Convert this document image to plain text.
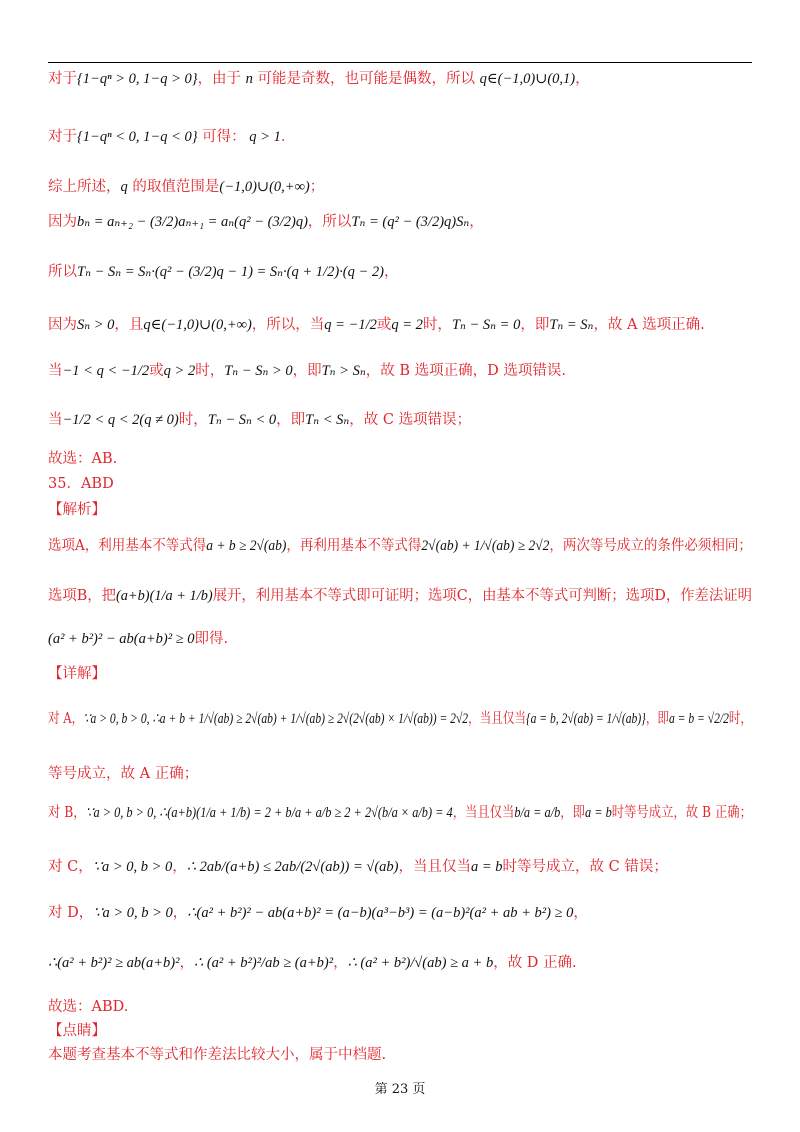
对于{1−qⁿ > 0, 1−q > 0}，由于 n 可能是奇数，也可能是偶数，所以 q∈(−1,0)∪(0,1)，
对于{1−qⁿ < 0, 1−q < 0} 可得： q > 1．
综上所述，q 的取值范围是(−1,0)∪(0,+∞)；
因为bₙ = aₙ₊₂ − (3/2)aₙ₊₁ = aₙ(q² − (3/2)q)，所以Tₙ = (q² − (3/2)q)Sₙ，
所以Tₙ − Sₙ = Sₙ·(q² − (3/2)q − 1) = Sₙ·(q + 1/2)·(q − 2)，
因为Sₙ > 0，且q∈(−1,0)∪(0,+∞)，所以，当q = −1/2或q = 2时，Tₙ − Sₙ = 0，即Tₙ = Sₙ，故 A 选项正确.
当−1 < q < −1/2或q > 2时，Tₙ − Sₙ > 0，即Tₙ > Sₙ，故 B 选项正确，D 选项错误.
当−1/2 < q < 2(q ≠ 0)时，Tₙ − Sₙ < 0，即Tₙ < Sₙ，故 C 选项错误；
故选：AB.
35．ABD
【解析】
选项A，利用基本不等式得a + b ≥ 2√(ab)，再利用基本不等式得2√(ab) + 1/√(ab) ≥ 2√2，两次等号成立的条件必须相同；
选项B，把(a+b)(1/a + 1/b)展开，利用基本不等式即可证明；选项C，由基本不等式可判断；选项D，作差法证明
(a² + b²)² − ab(a+b)² ≥ 0即得.
【详解】
对 A，∵a > 0, b > 0, ∴a + b + 1/√(ab) ≥ 2√(ab) + 1/√(ab) ≥ 2√(2√(ab) × 1/√(ab)) = 2√2，当且仅当{a = b, 2√(ab) = 1/√(ab)}，即a = b = √2/2时，
等号成立，故 A 正确；
对 B，∵a > 0, b > 0, ∴(a+b)(1/a + 1/b) = 2 + b/a + a/b ≥ 2 + 2√(b/a × a/b) = 4，当且仅当b/a = a/b，即a = b时等号成立，故 B 正确；
对 C，∵a > 0, b > 0，∴ 2ab/(a+b) ≤ 2ab/(2√(ab)) = √(ab)，当且仅当a = b时等号成立，故 C 错误；
对 D，∵a > 0, b > 0，∴(a² + b²)² − ab(a+b)² = (a−b)(a³−b³) = (a−b)²(a² + ab + b²) ≥ 0，
∴(a² + b²)² ≥ ab(a+b)²，∴ (a² + b²)²/ab ≥ (a+b)²，∴ (a² + b²)/√(ab) ≥ a + b，故 D 正确.
故选：ABD.
【点睛】
本题考查基本不等式和作差法比较大小，属于中档题.
第 23 页
